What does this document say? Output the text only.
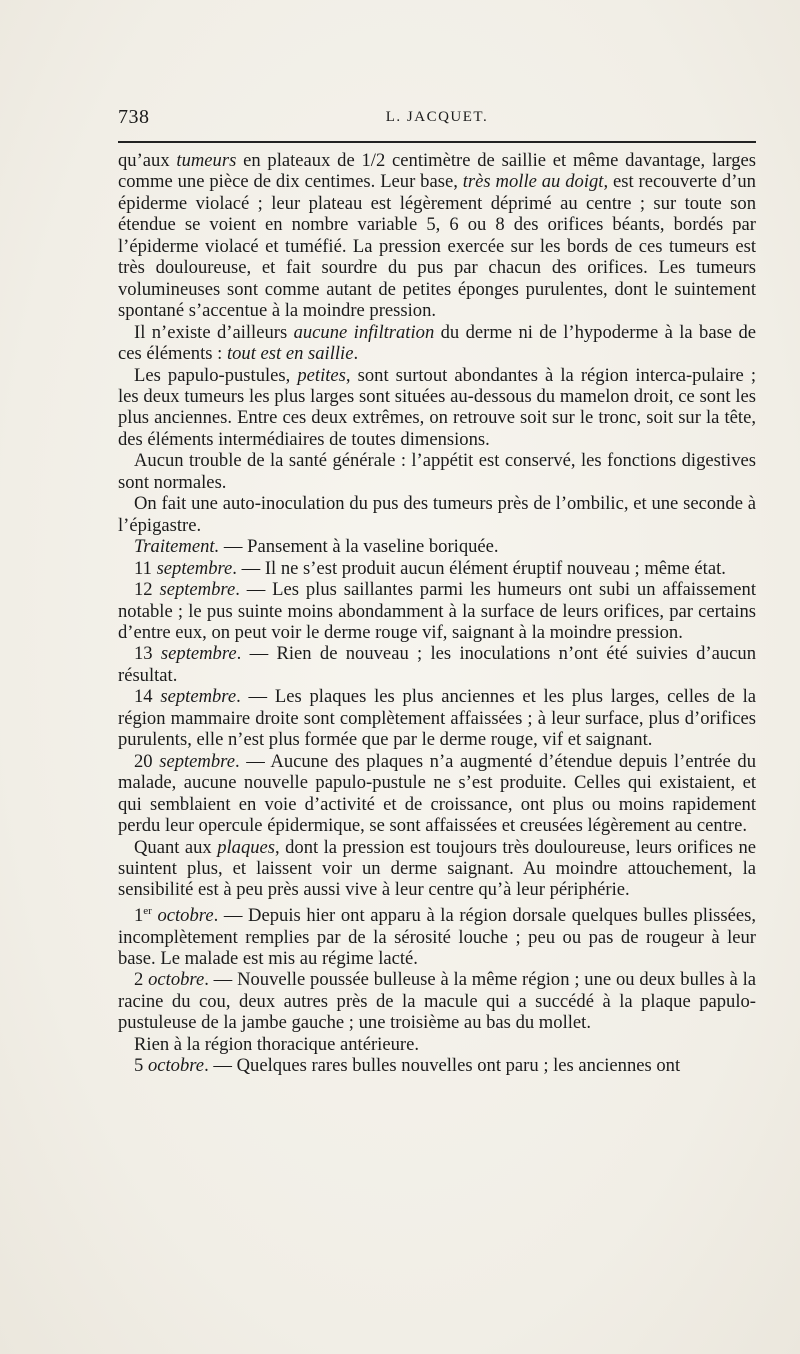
738	L. JACQUET.

qu’aux tumeurs en plateaux de 1/2 centimètre de saillie et même davantage, larges comme une pièce de dix centimes. Leur base, très molle au doigt, est recouverte d’un épiderme violacé ; leur plateau est légèrement déprimé au centre ; sur toute son étendue se voient en nombre variable 5, 6 ou 8 des orifices béants, bordés par l’épiderme violacé et tuméfié. La pression exercée sur les bords de ces tumeurs est très douloureuse, et fait sourdre du pus par chacun des orifices. Les tumeurs volumineuses sont comme autant de petites éponges purulentes, dont le suintement spontané s’accentue à la moindre pression.

Il n’existe d’ailleurs aucune infiltration du derme ni de l’hypoderme à la base de ces éléments : tout est en saillie.

Les papulo-pustules, petites, sont surtout abondantes à la région interca-pulaire ; les deux tumeurs les plus larges sont situées au-dessous du mamelon droit, ce sont les plus anciennes. Entre ces deux extrêmes, on retrouve soit sur le tronc, soit sur la tête, des éléments intermédiaires de toutes dimensions.

Aucun trouble de la santé générale : l’appétit est conservé, les fonctions digestives sont normales.

On fait une auto-inoculation du pus des tumeurs près de l’ombilic, et une seconde à l’épigastre.

Traitement. — Pansement à la vaseline boriquée.

11 septembre. — Il ne s’est produit aucun élément éruptif nouveau ; même état.

12 septembre. — Les plus saillantes parmi les humeurs ont subi un affaissement notable ; le pus suinte moins abondamment à la surface de leurs orifices, par certains d’entre eux, on peut voir le derme rouge vif, saignant à la moindre pression.

13 septembre. — Rien de nouveau ; les inoculations n’ont été suivies d’aucun résultat.

14 septembre. — Les plaques les plus anciennes et les plus larges, celles de la région mammaire droite sont complètement affaissées ; à leur surface, plus d’orifices purulents, elle n’est plus formée que par le derme rouge, vif et saignant.

20 septembre. — Aucune des plaques n’a augmenté d’étendue depuis l’entrée du malade, aucune nouvelle papulo-pustule ne s’est produite. Celles qui existaient, et qui semblaient en voie d’activité et de croissance, ont plus ou moins rapidement perdu leur opercule épidermique, se sont affaissées et creusées légèrement au centre.

Quant aux plaques, dont la pression est toujours très douloureuse, leurs orifices ne suintent plus, et laissent voir un derme saignant. Au moindre attouchement, la sensibilité est à peu près aussi vive à leur centre qu’à leur périphérie.

1er octobre. — Depuis hier ont apparu à la région dorsale quelques bulles plissées, incomplètement remplies par de la sérosité louche ; peu ou pas de rougeur à leur base. Le malade est mis au régime lacté.

2 octobre. — Nouvelle poussée bulleuse à la même région ; une ou deux bulles à la racine du cou, deux autres près de la macule qui a succédé à la plaque papulo-pustuleuse de la jambe gauche ; une troisième au bas du mollet.

Rien à la région thoracique antérieure.

5 octobre. — Quelques rares bulles nouvelles ont paru ; les anciennes ont
